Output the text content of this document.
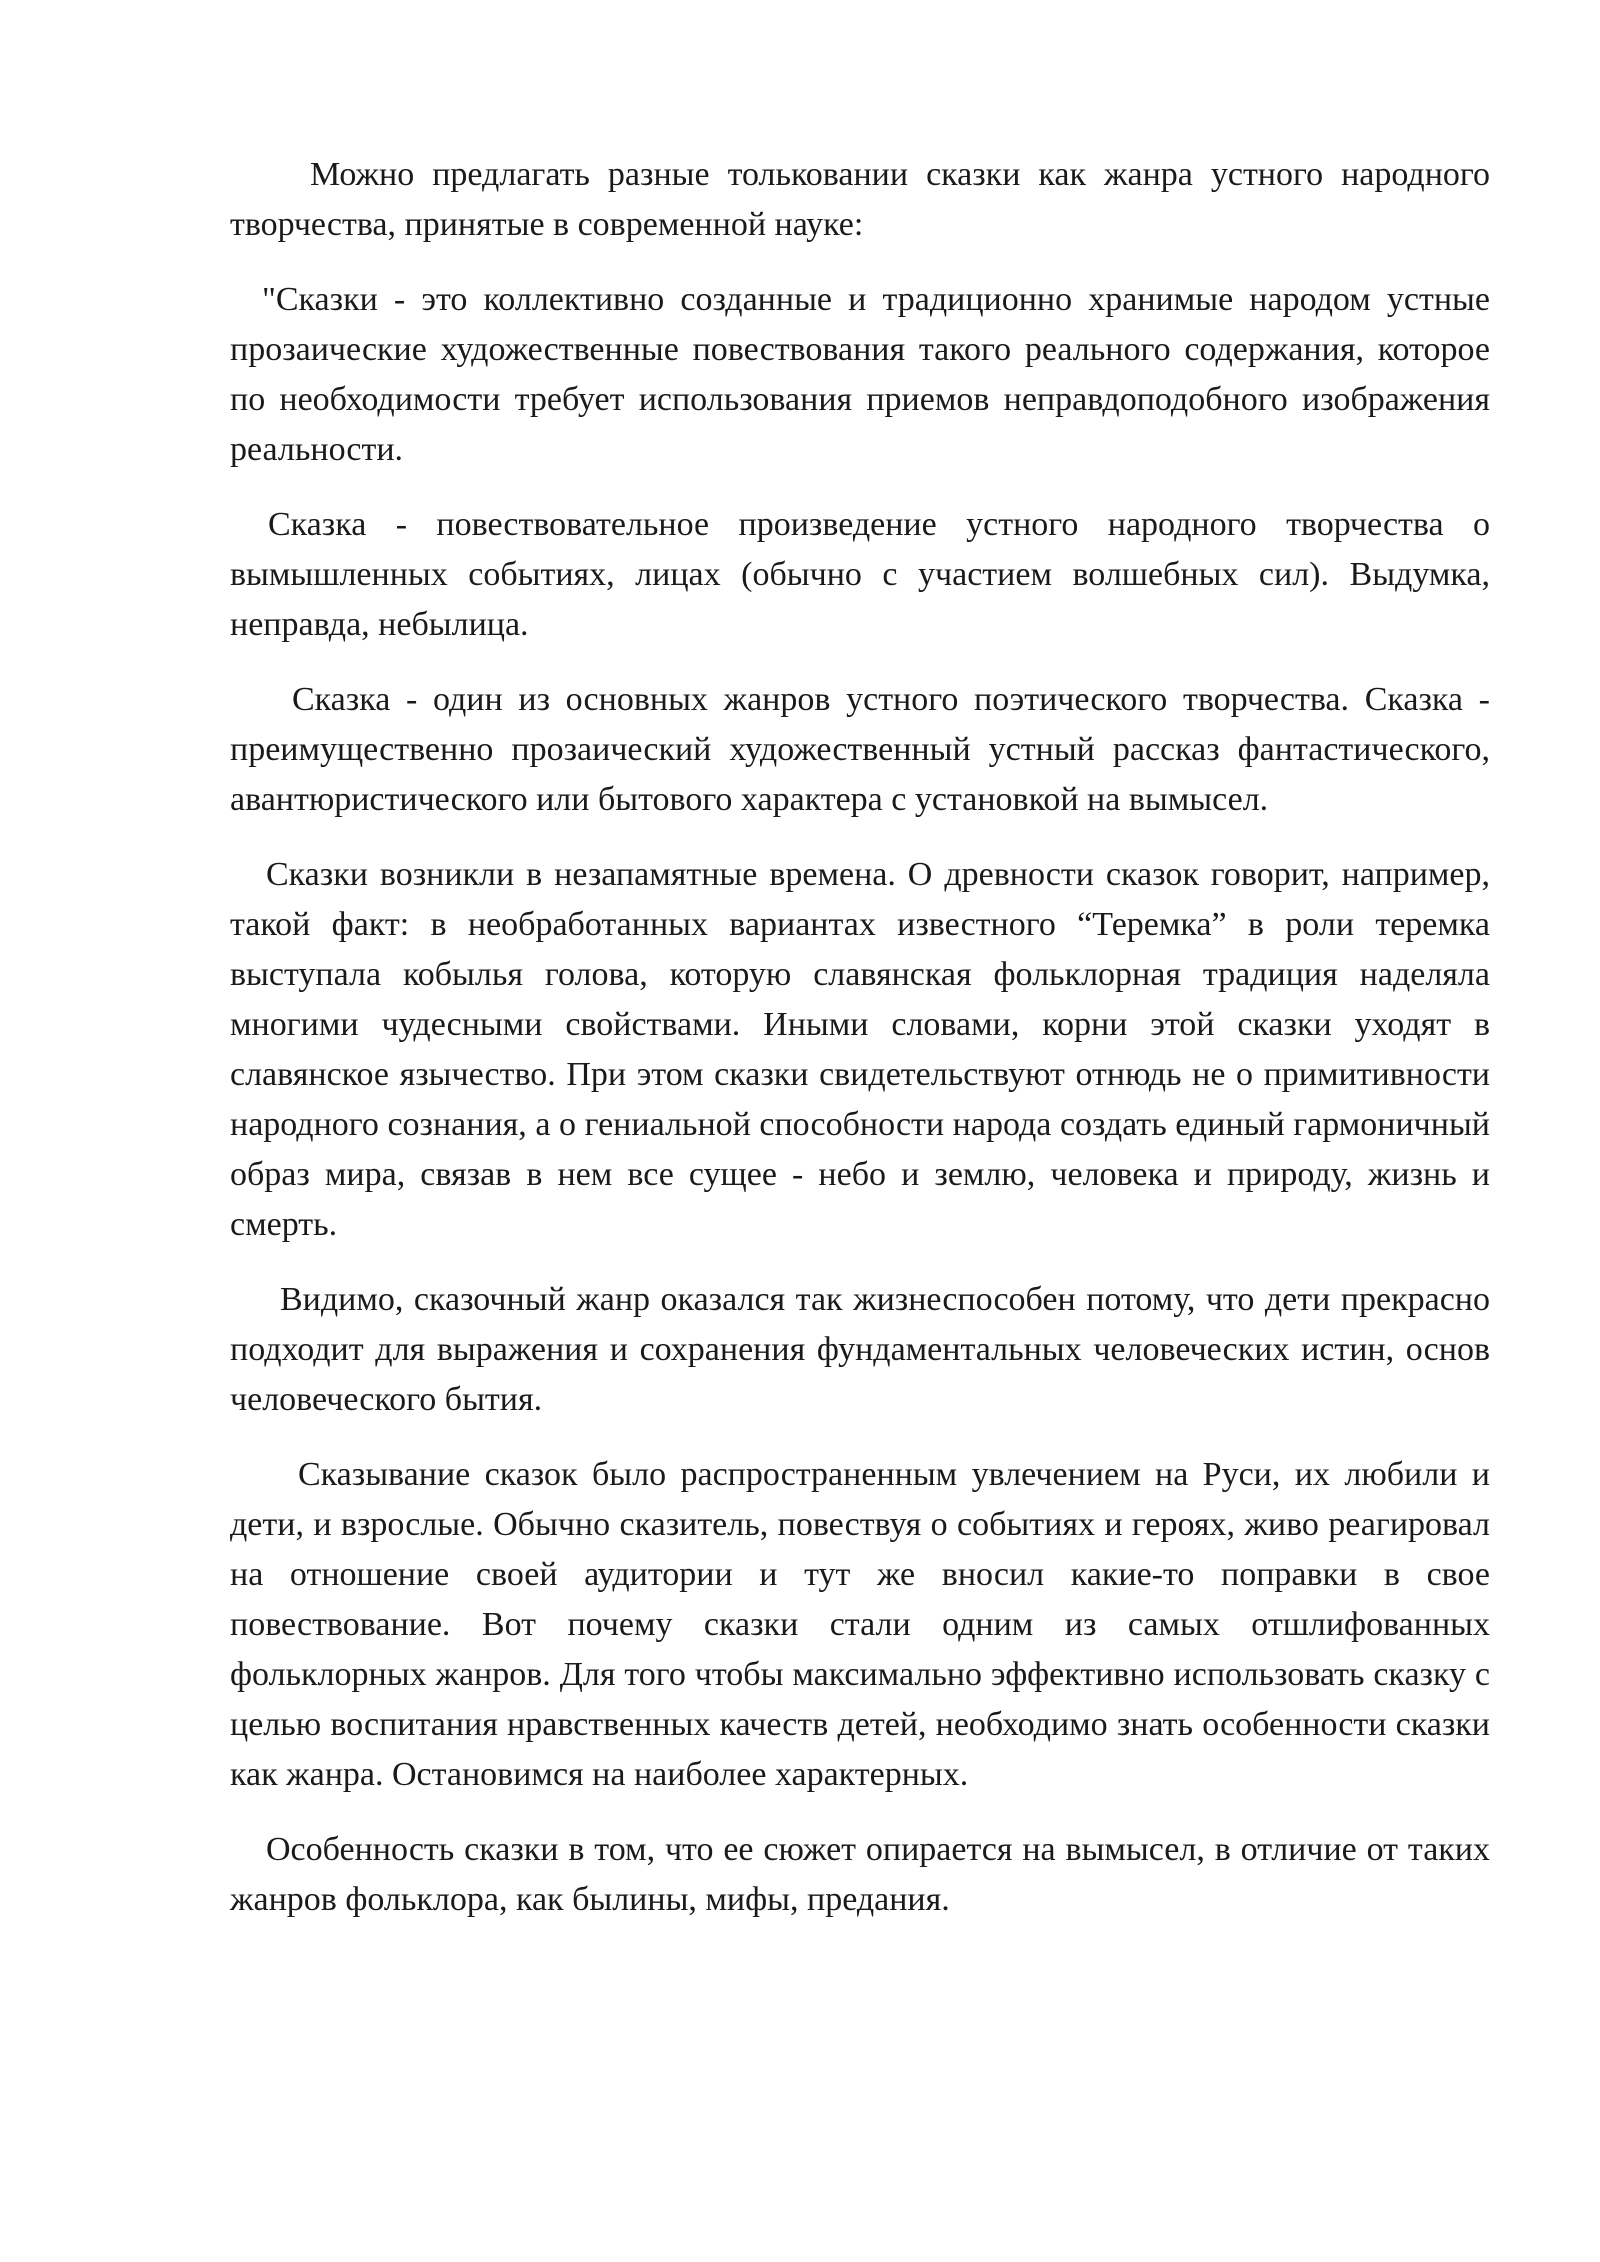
Можно предлагать разные тольковании сказки как жанра устного народного творчества, принятые в современной науке:

"Сказки - это коллективно созданные и традиционно хранимые народом устные прозаические художественные повествования такого реального содержания, которое по необходимости требует использования приемов неправдоподобного изображения реальности.

Сказка - повествовательное произведение устного народного творчества о вымышленных событиях, лицах (обычно с участием волшебных сил). Выдумка, неправда, небылица.

Сказка - один из основных жанров устного поэтического творчества. Сказка - преимущественно прозаический художественный устный рассказ фантастического, авантюристического или бытового характера с установкой на вымысел.

Сказки возникли в незапамятные времена. О древности сказок говорит, например, такой факт: в необработанных вариантах известного “Теремка” в роли теремка выступала кобылья голова, которую славянская фольклорная традиция наделяла многими чудесными свойствами. Иными словами, корни этой сказки уходят в славянское язычество. При этом сказки свидетельствуют отнюдь не о примитивности народного сознания, а о гениальной способности народа создать единый гармоничный образ мира, связав в нем все сущее - небо и землю, человека и природу, жизнь и смерть.

Видимо, сказочный жанр оказался так жизнеспособен потому, что дети прекрасно подходит для выражения и сохранения фундаментальных человеческих истин, основ человеческого бытия.

Сказывание сказок было распространенным увлечением на Руси, их любили и дети, и взрослые. Обычно сказитель, повествуя о событиях и героях, живо реагировал на отношение своей аудитории и тут же вносил какие-то поправки в свое повествование. Вот почему сказки стали одним из самых отшлифованных фольклорных жанров. Для того чтобы максимально эффективно использовать сказку с целью воспитания нравственных качеств детей, необходимо знать особенности сказки как жанра. Остановимся на наиболее характерных.

Особенность сказки в том, что ее сюжет опирается на вымысел, в отличие от таких жанров фольклора, как былины, мифы, предания.
